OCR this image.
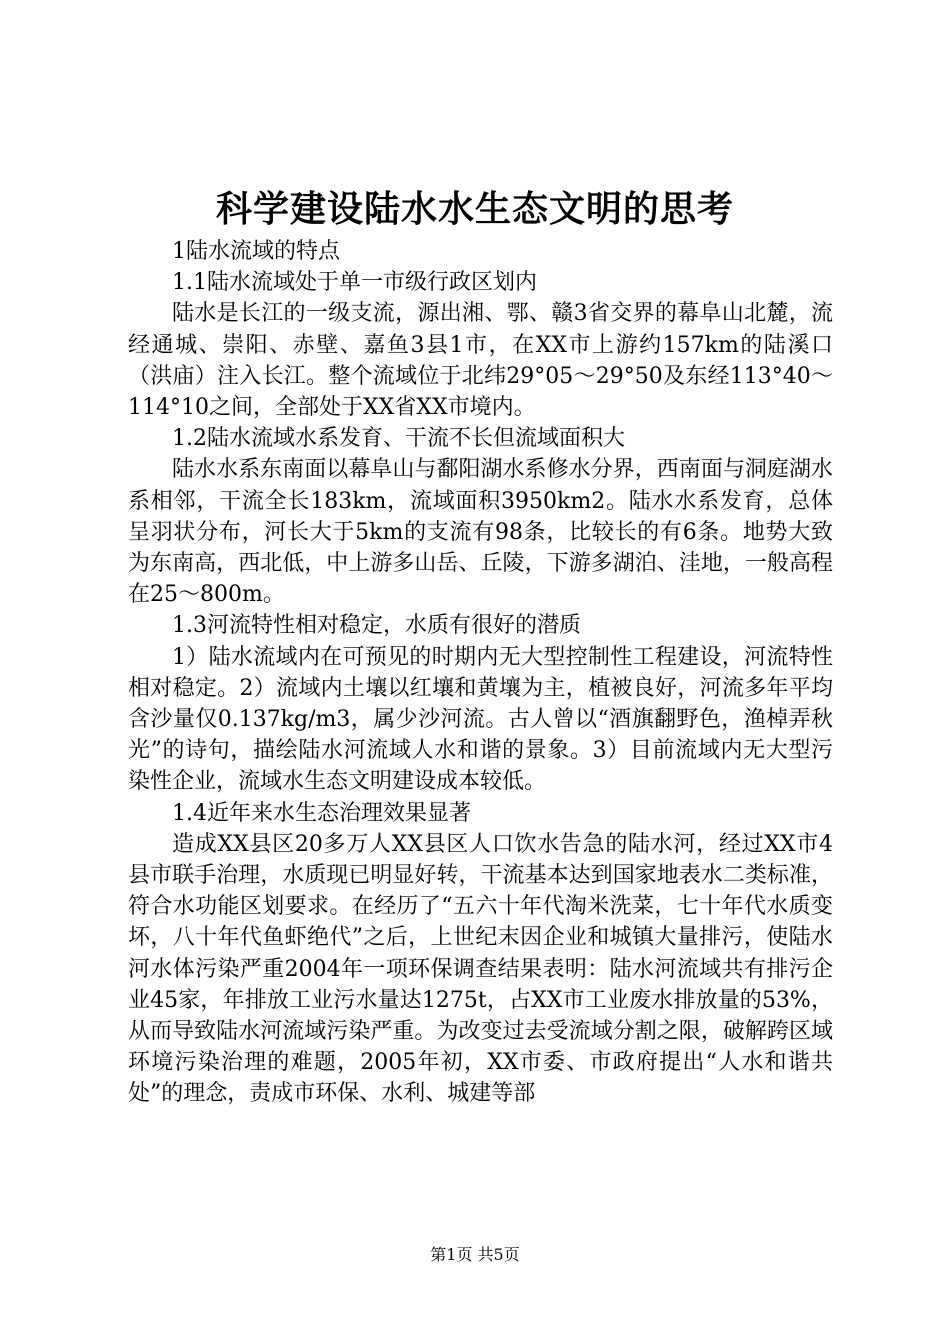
科学建设陆水水生态文明的思考

1陆水流域的特点

1.1陆水流域处于单一市级行政区划内

陆水是长江的一级支流，源出湘、鄂、赣3省交界的幕阜山北麓，流经通城、崇阳、赤壁、嘉鱼3县1市，在XX市上游约157km的陆溪口（洪庙）注入长江。整个流域位于北纬29°05～29°50及东经113°40～114°10之间，全部处于XX省XX市境内。

1.2陆水流域水系发育、干流不长但流域面积大

陆水水系东南面以幕阜山与鄱阳湖水系修水分界，西南面与洞庭湖水系相邻，干流全长183km，流域面积3950km2。陆水水系发育，总体呈羽状分布，河长大于5km的支流有98条，比较长的有6条。地势大致为东南高，西北低，中上游多山岳、丘陵，下游多湖泊、洼地，一般高程在25～800m。

1.3河流特性相对稳定，水质有很好的潜质

1）陆水流域内在可预见的时期内无大型控制性工程建设，河流特性相对稳定。2）流域内土壤以红壤和黄壤为主，植被良好，河流多年平均含沙量仅0.137kg/m3，属少沙河流。古人曾以“酒旗翻野色，渔棹弄秋光”的诗句，描绘陆水河流域人水和谐的景象。3）目前流域内无大型污染性企业，流域水生态文明建设成本较低。

1.4近年来水生态治理效果显著

造成XX县区20多万人XX县区人口饮水告急的陆水河，经过XX市4县市联手治理，水质现已明显好转，干流基本达到国家地表水二类标准，符合水功能区划要求。在经历了“五六十年代淘米洗菜，七十年代水质变坏，八十年代鱼虾绝代”之后，上世纪末因企业和城镇大量排污，使陆水河水体污染严重2004年一项环保调查结果表明：陆水河流域共有排污企业45家，年排放工业污水量达1275t，占XX市工业废水排放量的53%，从而导致陆水河流域污染严重。为改变过去受流域分割之限，破解跨区域环境污染治理的难题，2005年初，XX市委、市政府提出“人水和谐共处”的理念，责成市环保、水利、城建等部

第1页 共5页
